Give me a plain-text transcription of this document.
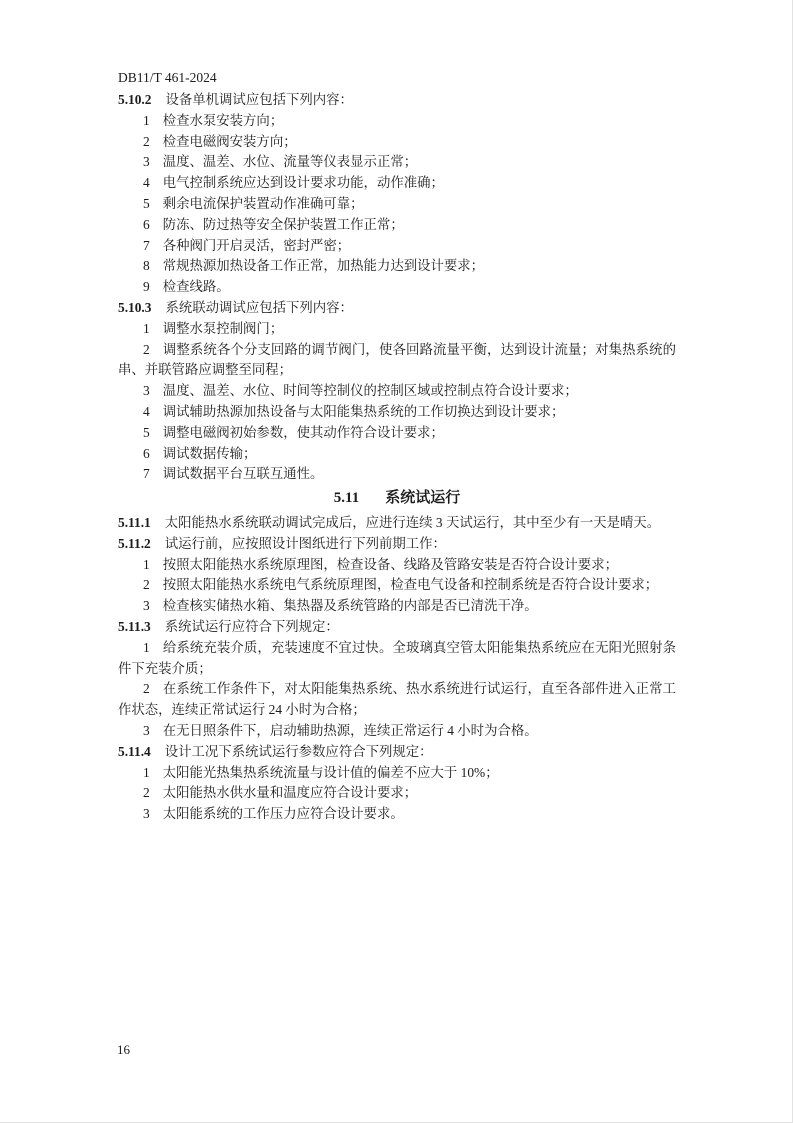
DB11/T 461-2024

5.10.2 设备单机调试应包括下列内容：

1 检查水泵安装方向；

2 检查电磁阀安装方向；

3 温度、温差、水位、流量等仪表显示正常；

4 电气控制系统应达到设计要求功能，动作准确；

5 剩余电流保护装置动作准确可靠；

6 防冻、防过热等安全保护装置工作正常；

7 各种阀门开启灵活，密封严密；

8 常规热源加热设备工作正常，加热能力达到设计要求；

9 检查线路。

5.10.3 系统联动调试应包括下列内容：

1 调整水泵控制阀门；

2 调整系统各个分支回路的调节阀门，使各回路流量平衡，达到设计流量；对集热系统的串、并联管路应调整至同程；

3 温度、温差、水位、时间等控制仪的控制区域或控制点符合设计要求；

4 调试辅助热源加热设备与太阳能集热系统的工作切换达到设计要求；

5 调整电磁阀初始参数，使其动作符合设计要求；

6 调试数据传输；

7 调试数据平台互联互通性。

5.11 系统试运行

5.11.1 太阳能热水系统联动调试完成后，应进行连续 3 天试运行，其中至少有一天是晴天。

5.11.2 试运行前，应按照设计图纸进行下列前期工作：

1 按照太阳能热水系统原理图，检查设备、线路及管路安装是否符合设计要求；

2 按照太阳能热水系统电气系统原理图，检查电气设备和控制系统是否符合设计要求；

3 检查核实储热水箱、集热器及系统管路的内部是否已清洗干净。

5.11.3 系统试运行应符合下列规定：

1 给系统充装介质，充装速度不宜过快。全玻璃真空管太阳能集热系统应在无阳光照射条件下充装介质；

2 在系统工作条件下，对太阳能集热系统、热水系统进行试运行，直至各部件进入正常工作状态，连续正常试运行 24 小时为合格；

3 在无日照条件下，启动辅助热源，连续正常运行 4 小时为合格。

5.11.4 设计工况下系统试运行参数应符合下列规定：

1 太阳能光热集热系统流量与设计值的偏差不应大于 10%；

2 太阳能热水供水量和温度应符合设计要求；

3 太阳能系统的工作压力应符合设计要求。

16
